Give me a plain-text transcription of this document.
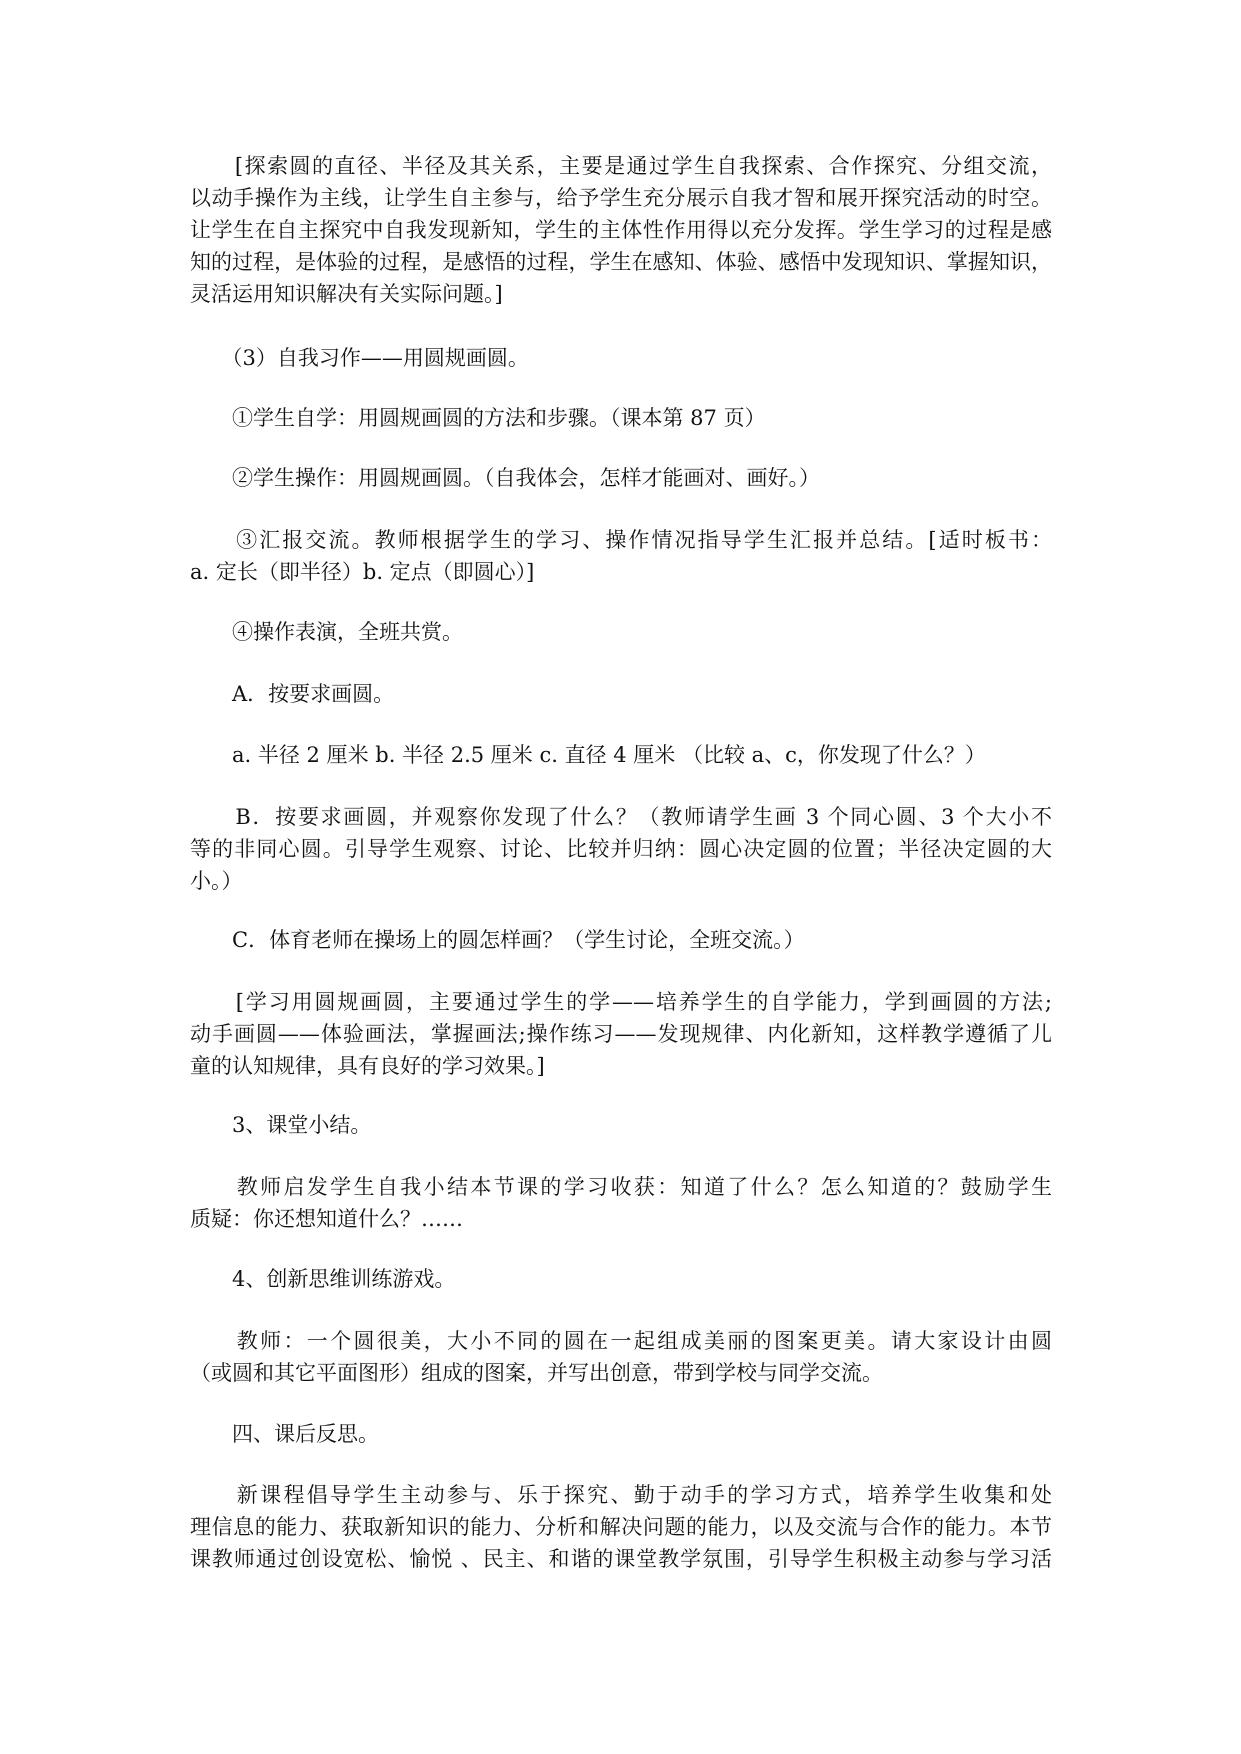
　　[探索圆的直径、半径及其关系，主要是通过学生自我探索、合作探究、分组交流，
以动手操作为主线，让学生自主参与，给予学生充分展示自我才智和展开探究活动的时空。
让学生在自主探究中自我发现新知，学生的主体性作用得以充分发挥。学生学习的过程是感
知的过程，是体验的过程，是感悟的过程，学生在感知、体验、感悟中发现知识、掌握知识，
灵活运用知识解决有关实际问题。]
　　（3）自我习作——用圆规画圆。
　　①学生自学：用圆规画圆的方法和步骤。（课本第 87 页）
　　②学生操作：用圆规画圆。（自我体会，怎样才能画对、画好。）
　　③汇报交流。教师根据学生的学习、操作情况指导学生汇报并总结。[适时板书：
a. 定长（即半径）b. 定点（即圆心）]
　　④操作表演，全班共赏。
　　A．按要求画圆。
　　a. 半径 2 厘米 b. 半径 2.5 厘米 c. 直径 4 厘米 （比较 a、c，你发现了什么？）
　　B．按要求画圆，并观察你发现了什么？（教师请学生画 3 个同心圆、3 个大小不
等的非同心圆。引导学生观察、讨论、比较并归纳：圆心决定圆的位置；半径决定圆的大
小。）
　　C．体育老师在操场上的圆怎样画？（学生讨论，全班交流。）
　　[学习用圆规画圆，主要通过学生的学——培养学生的自学能力，学到画圆的方法;
动手画圆——体验画法，掌握画法;操作练习——发现规律、内化新知，这样教学遵循了儿
童的认知规律，具有良好的学习效果。]
　　3、课堂小结。
　　教师启发学生自我小结本节课的学习收获：知道了什么？怎么知道的？鼓励学生
质疑：你还想知道什么？……
　　4、创新思维训练游戏。
　　教师：一个圆很美，大小不同的圆在一起组成美丽的图案更美。请大家设计由圆
（或圆和其它平面图形）组成的图案，并写出创意，带到学校与同学交流。
　　四、课后反思。
　　新课程倡导学生主动参与、乐于探究、勤于动手的学习方式，培养学生收集和处
理信息的能力、获取新知识的能力、分析和解决问题的能力，以及交流与合作的能力。本节
课教师通过创设宽松、愉悦 、民主、和谐的课堂教学氛围，引导学生积极主动参与学习活
